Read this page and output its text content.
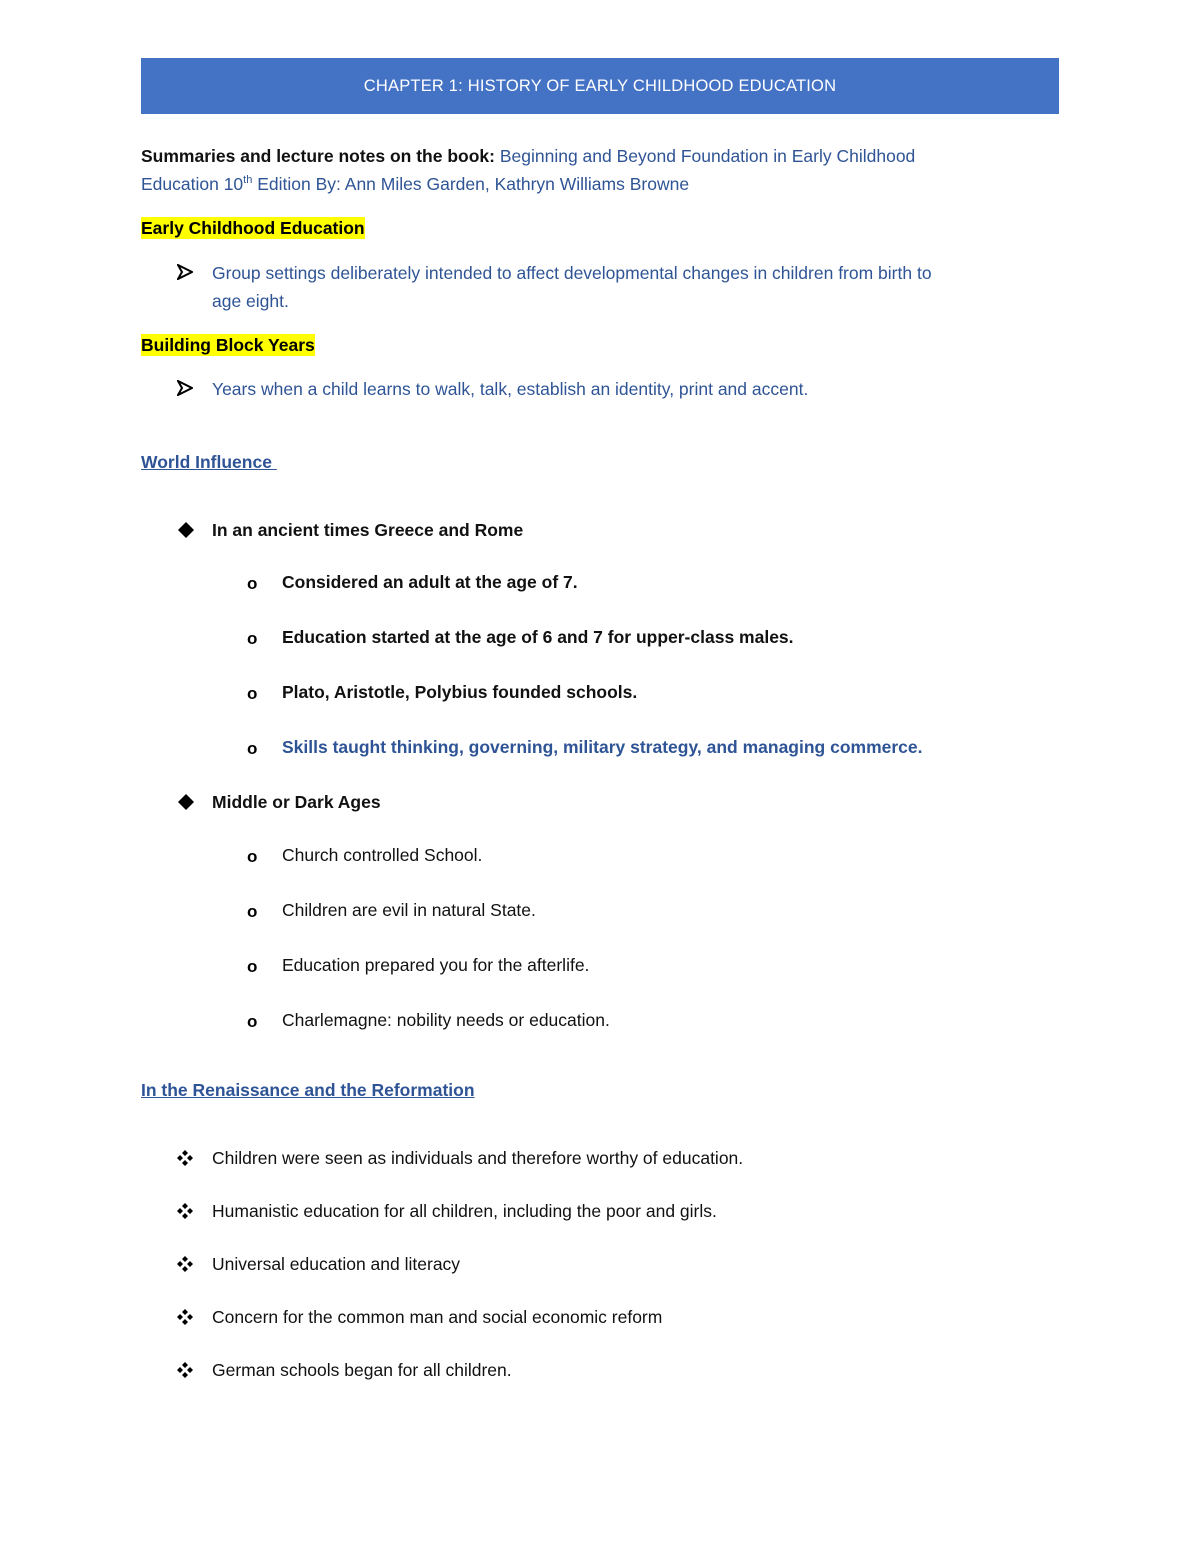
CHAPTER 1: HISTORY OF EARLY CHILDHOOD EDUCATION
Summaries and lecture notes on the book: Beginning and Beyond Foundation in Early Childhood
Education 10th Edition By: Ann Miles Garden, Kathryn Williams Browne
Early Childhood Education
Group settings deliberately intended to affect developmental changes in children from birth to
age eight.
Building Block Years
Years when a child learns to walk, talk, establish an identity, print and accent.
World Influence
In an ancient times Greece and Rome
o Considered an adult at the age of 7.
o Education started at the age of 6 and 7 for upper-class males.
o Plato, Aristotle, Polybius founded schools.
o Skills taught thinking, governing, military strategy, and managing commerce.
Middle or Dark Ages
o Church controlled School.
o Children are evil in natural State.
o Education prepared you for the afterlife.
o Charlemagne: nobility needs or education.
In the Renaissance and the Reformation
Children were seen as individuals and therefore worthy of education.
Humanistic education for all children, including the poor and girls.
Universal education and literacy
Concern for the common man and social economic reform
German schools began for all children.
